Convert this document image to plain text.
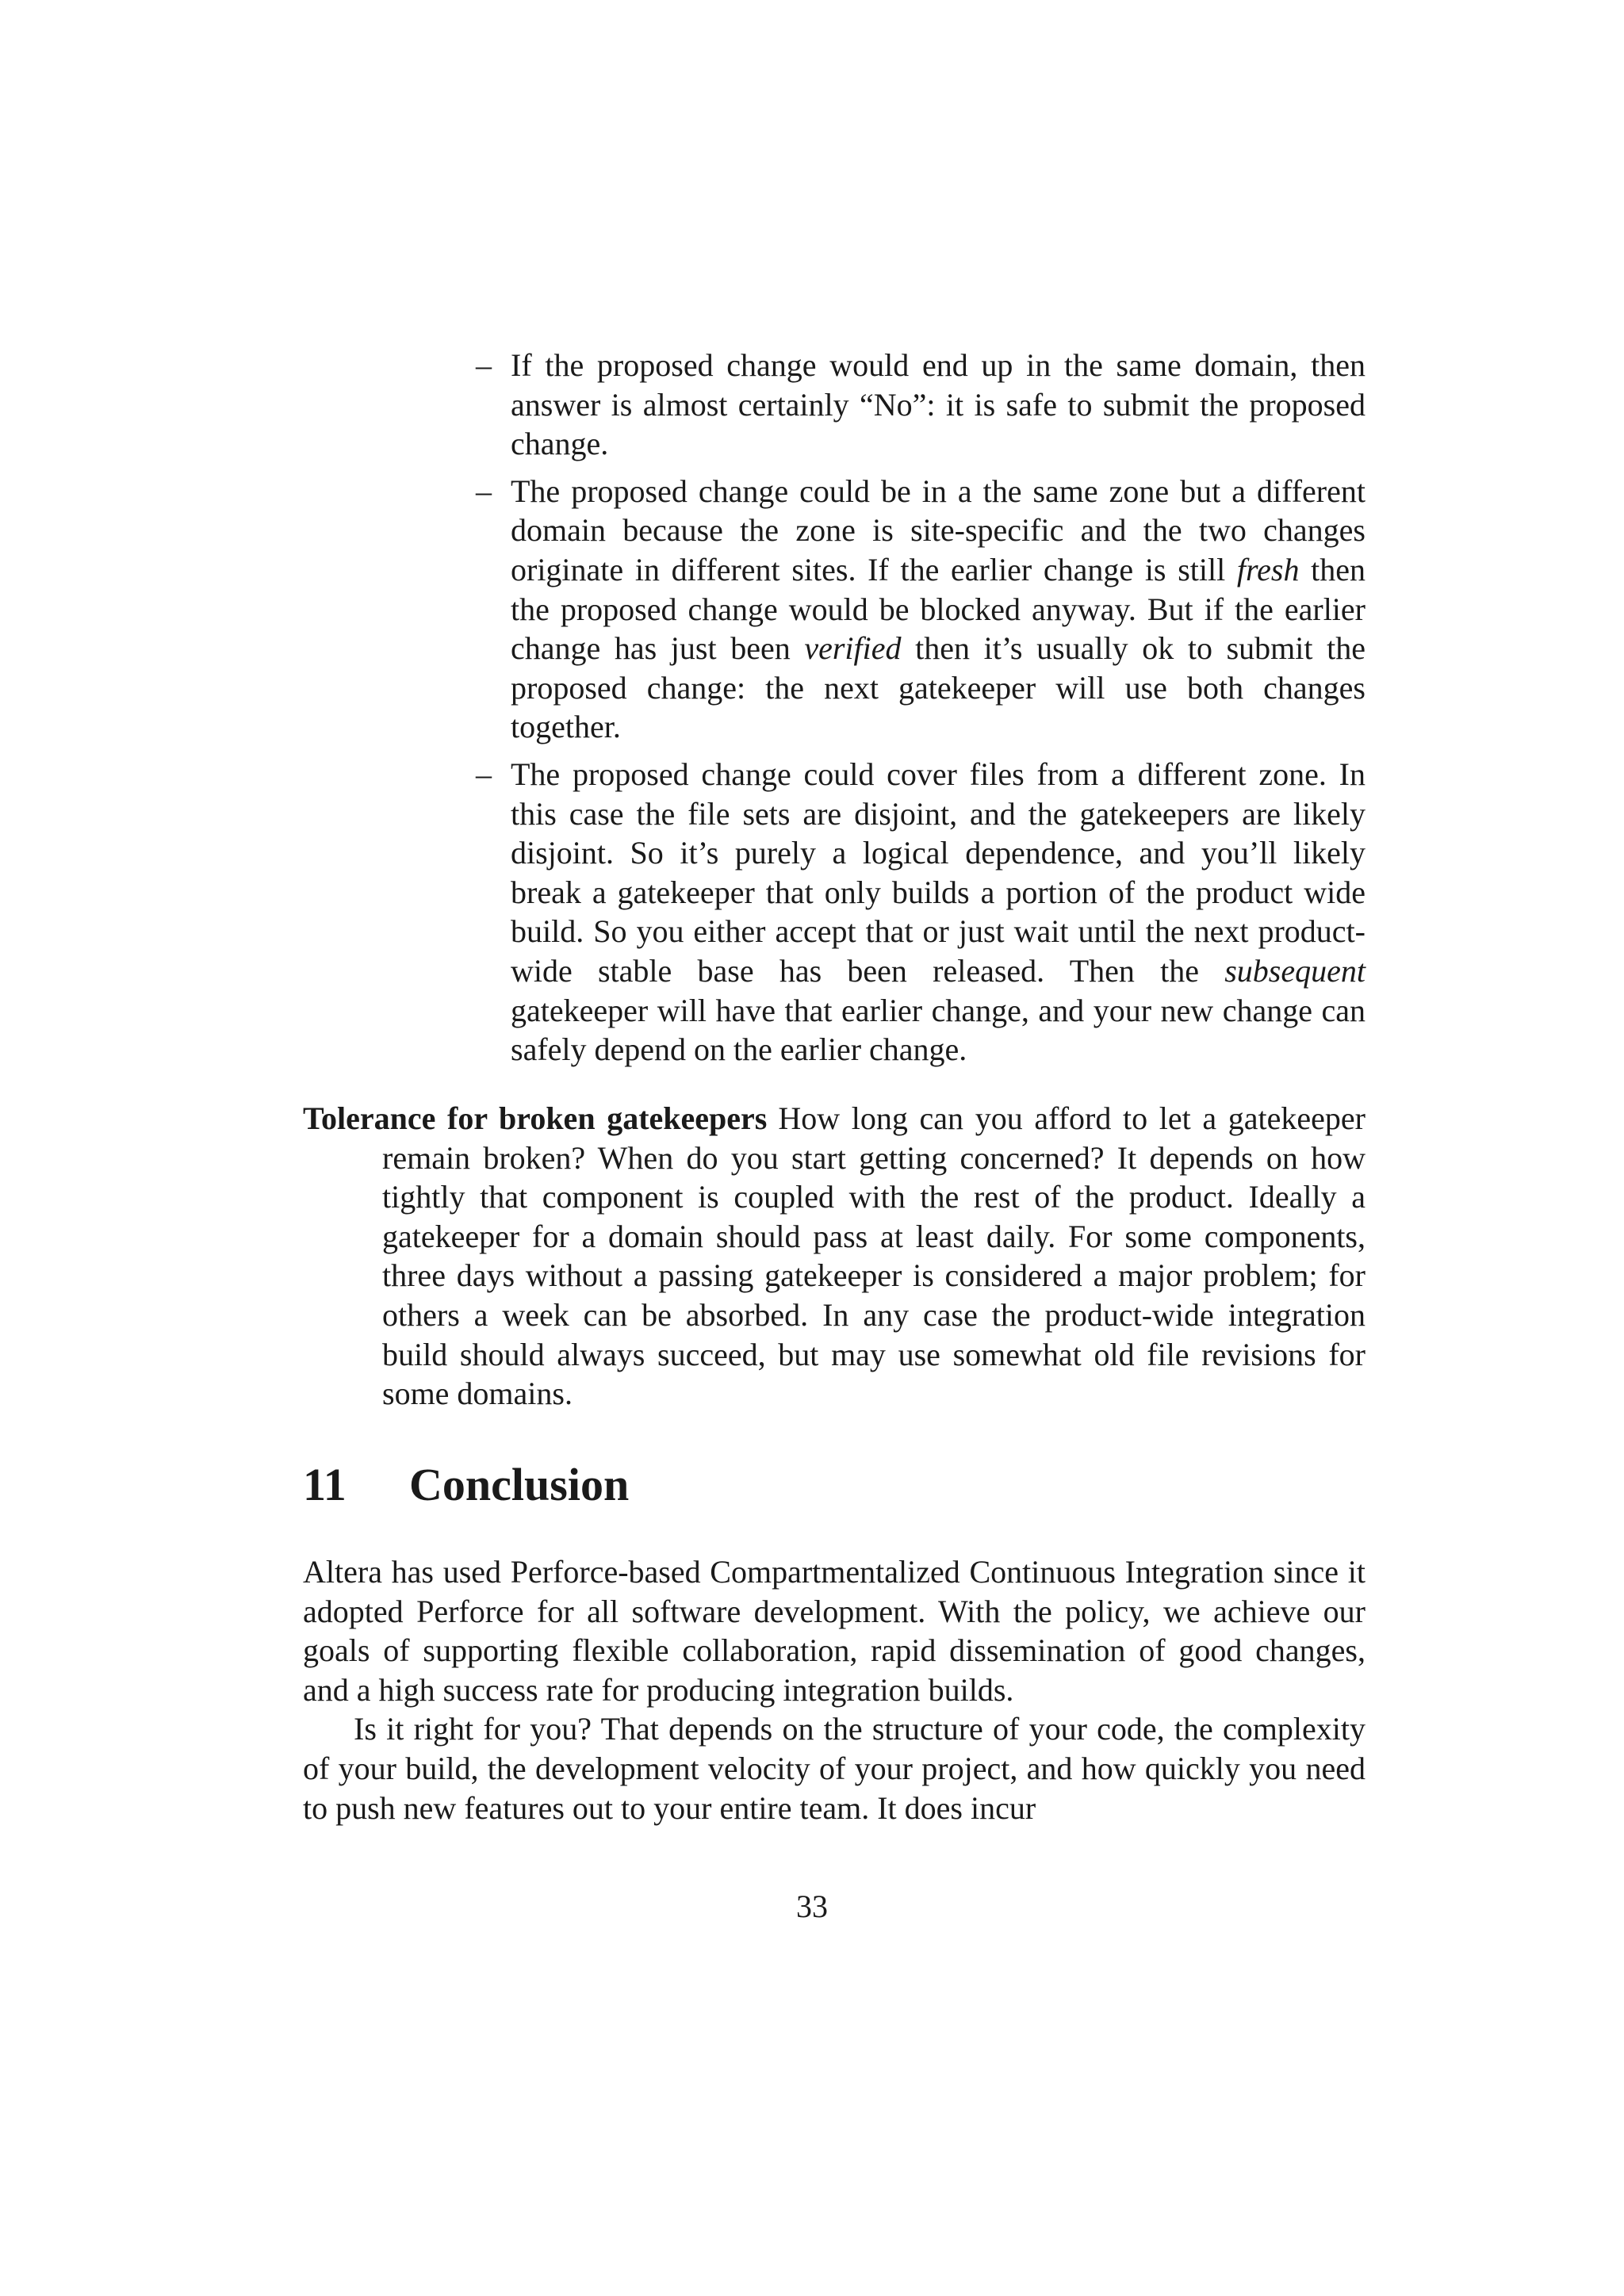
– If the proposed change would end up in the same domain, then answer is almost certainly “No”: it is safe to submit the proposed change.
– The proposed change could be in a the same zone but a different domain because the zone is site-specific and the two changes originate in different sites. If the earlier change is still fresh then the proposed change would be blocked anyway. But if the earlier change has just been verified then it’s usually ok to submit the proposed change: the next gatekeeper will use both changes together.
– The proposed change could cover files from a different zone. In this case the file sets are disjoint, and the gatekeepers are likely disjoint. So it’s purely a logical dependence, and you’ll likely break a gatekeeper that only builds a portion of the product wide build. So you either accept that or just wait until the next product-wide stable base has been released. Then the subsequent gatekeeper will have that earlier change, and your new change can safely depend on the earlier change.
Tolerance for broken gatekeepers How long can you afford to let a gatekeeper remain broken? When do you start getting concerned? It depends on how tightly that component is coupled with the rest of the product. Ideally a gatekeeper for a domain should pass at least daily. For some components, three days without a passing gatekeeper is considered a major problem; for others a week can be absorbed. In any case the product-wide integration build should always succeed, but may use somewhat old file revisions for some domains.
11 Conclusion
Altera has used Perforce-based Compartmentalized Continuous Integration since it adopted Perforce for all software development. With the policy, we achieve our goals of supporting flexible collaboration, rapid dissemination of good changes, and a high success rate for producing integration builds.
Is it right for you? That depends on the structure of your code, the complexity of your build, the development velocity of your project, and how quickly you need to push new features out to your entire team. It does incur
33
